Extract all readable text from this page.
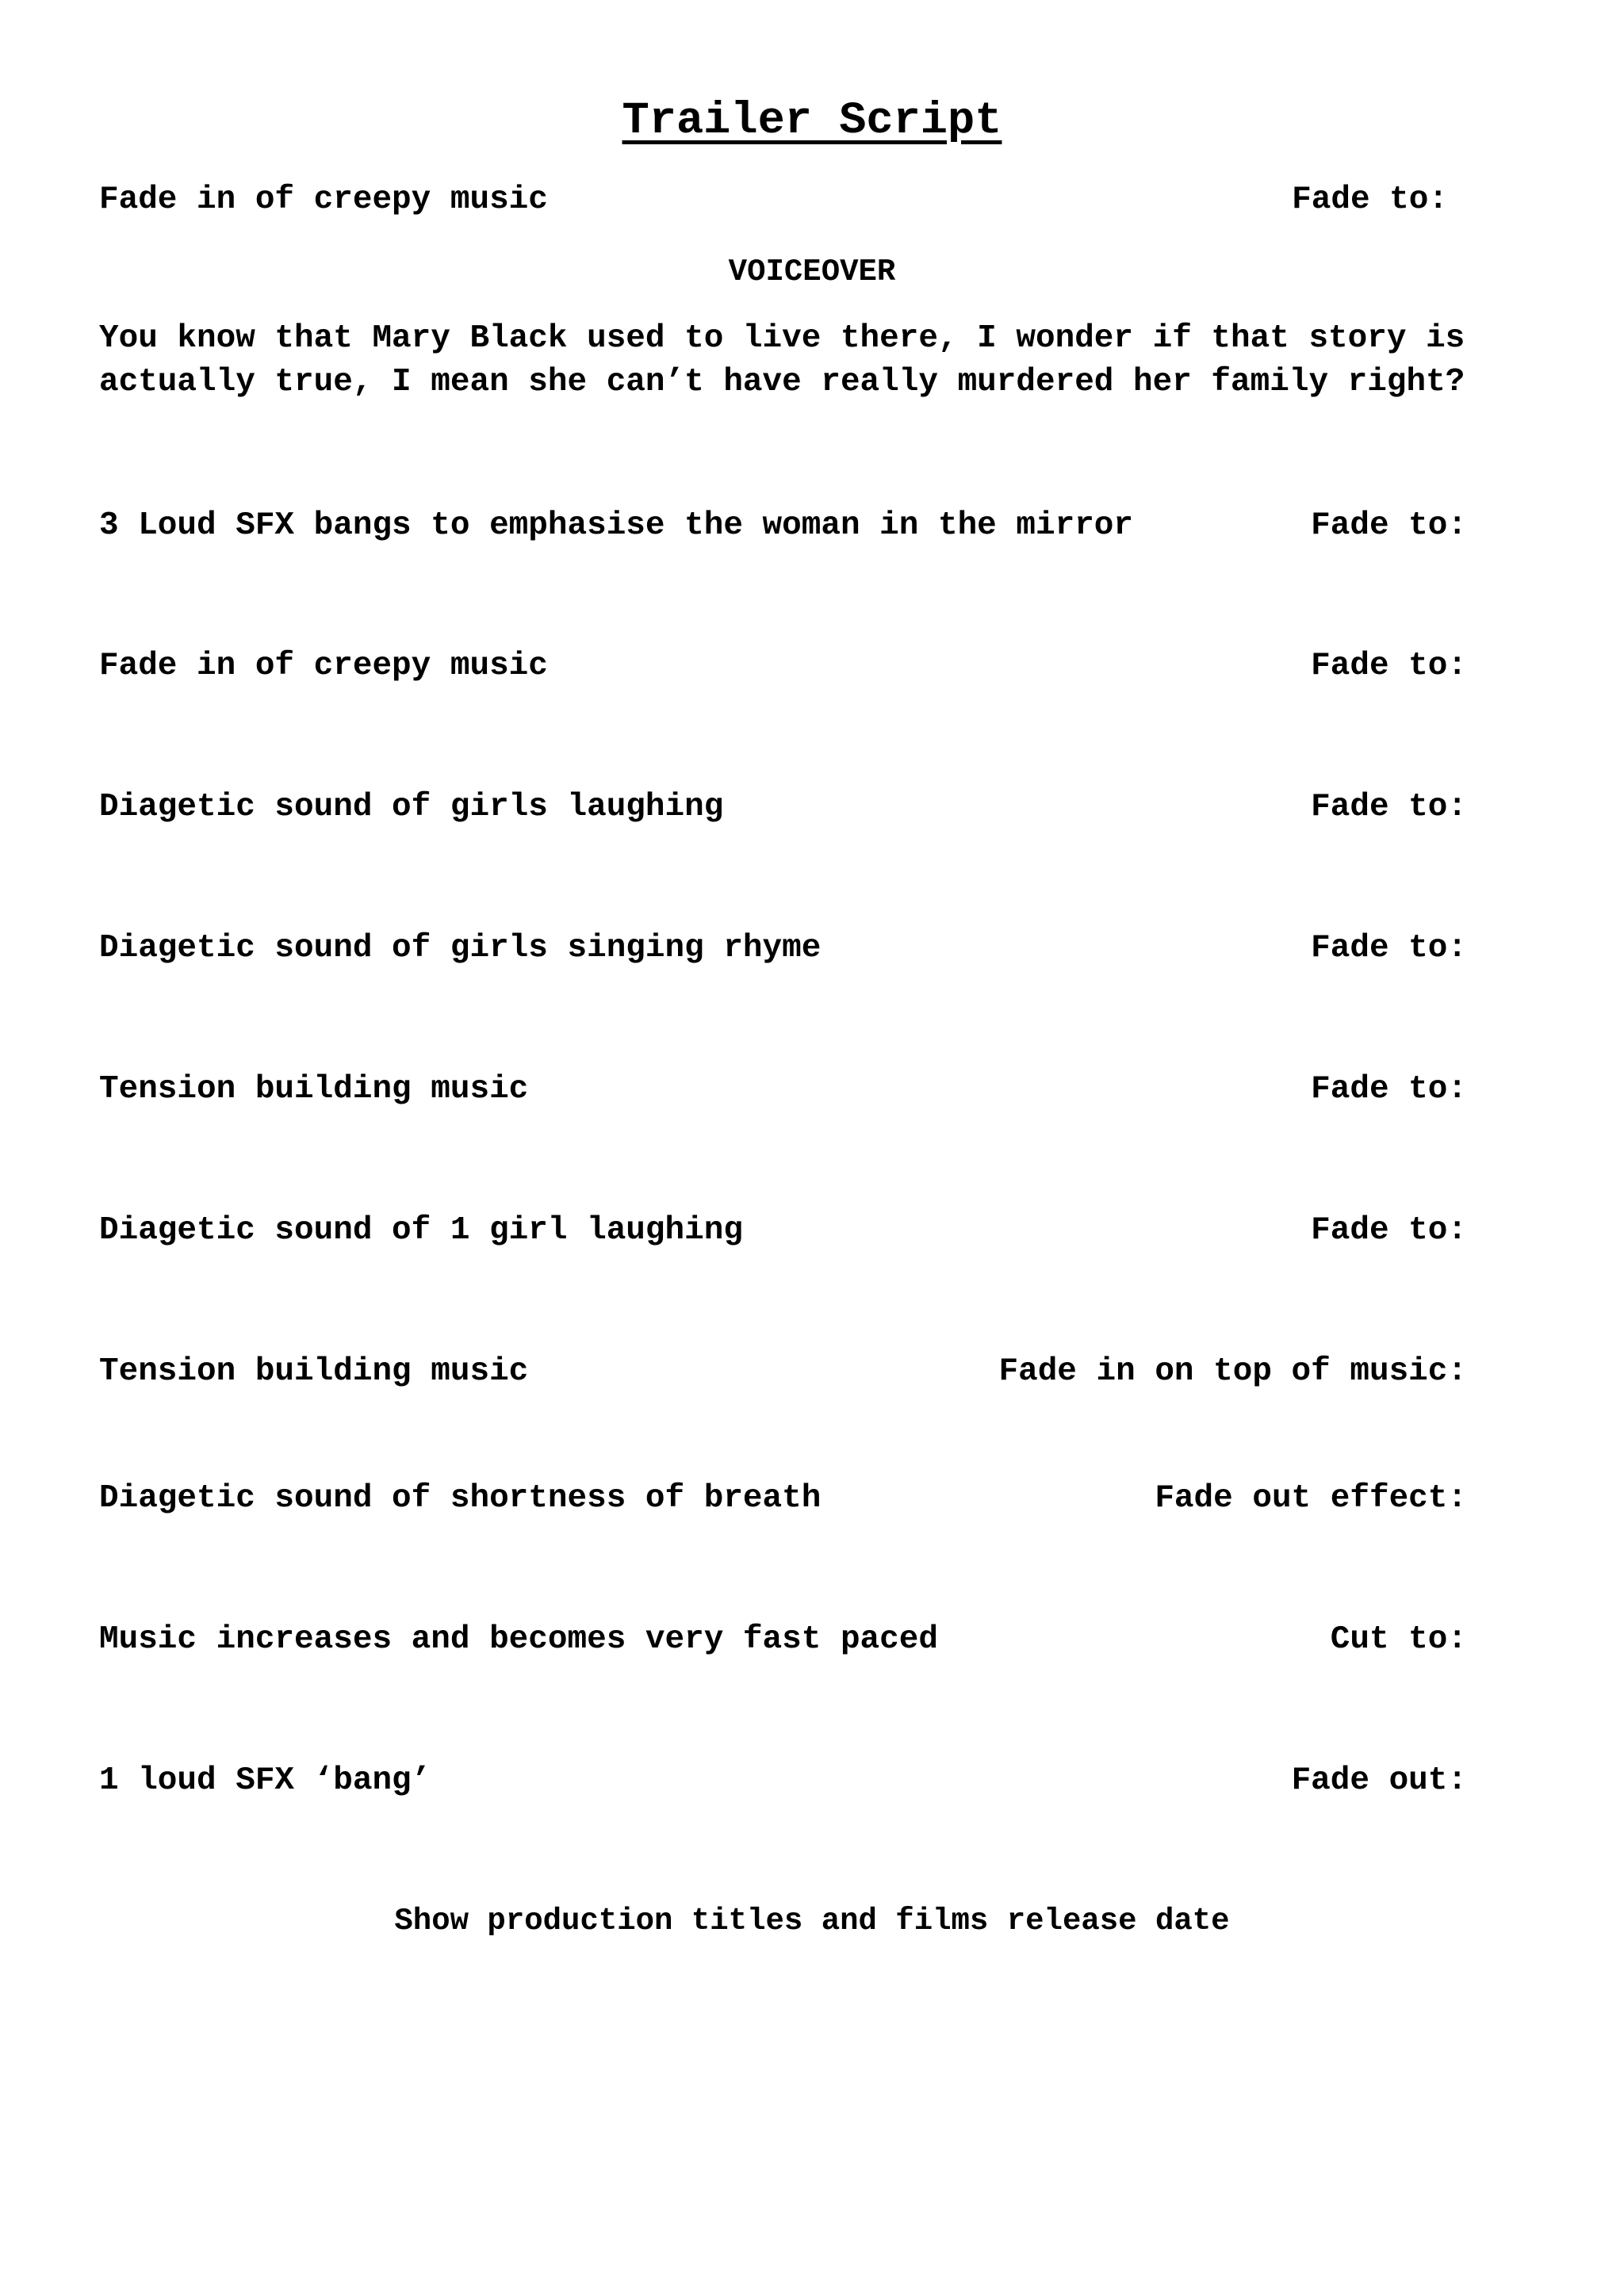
Trailer Script
Fade in of creepy music	Fade to:
VOICEOVER
You know that Mary Black used to live there, I wonder if that story is
actually true, I mean she can’t have really murdered her family right?
3 Loud SFX bangs to emphasise the woman in the mirror	Fade to:
Fade in of creepy music	Fade to:
Diagetic sound of girls laughing	Fade to:
Diagetic sound of girls singing rhyme	Fade to:
Tension building music	Fade to:
Diagetic sound of 1 girl laughing	Fade to:
Tension building music	Fade in on top of music:
Diagetic sound of shortness of breath	Fade out effect:
Music increases and becomes very fast paced	Cut to:
1 loud SFX ‘bang’	Fade out:
Show production titles and films release date
